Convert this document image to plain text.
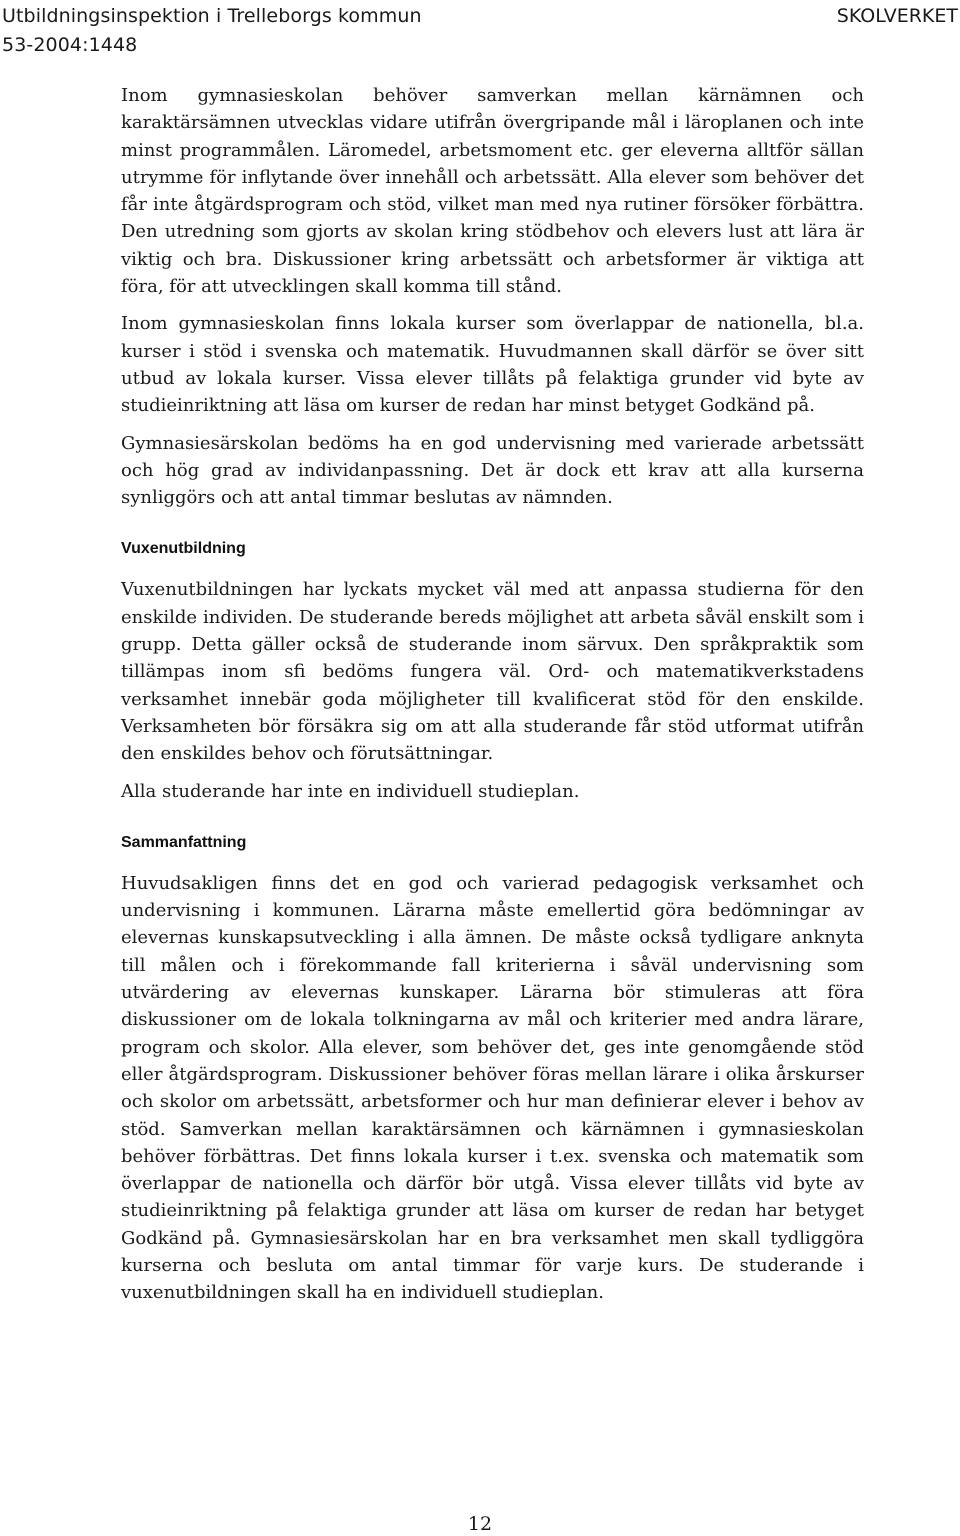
Utbildningsinspektion i Trelleborgs kommun
53-2004:1448
SKOLVERKET

Inom gymnasieskolan behöver samverkan mellan kärnämnen och karaktärsämnen utvecklas vidare utifrån övergripande mål i läroplanen och inte minst programmålen. Läromedel, arbetsmoment etc. ger eleverna alltför sällan utrymme för inflytande över innehåll och arbetssätt. Alla elever som behöver det får inte åtgärdsprogram och stöd, vilket man med nya rutiner försöker förbättra. Den utredning som gjorts av skolan kring stödbehov och elevers lust att lära är viktig och bra. Diskussioner kring arbetssätt och arbetsformer är viktiga att föra, för att utvecklingen skall komma till stånd.

Inom gymnasieskolan finns lokala kurser som överlappar de nationella, bl.a. kurser i stöd i svenska och matematik. Huvudmannen skall därför se över sitt utbud av lokala kurser. Vissa elever tillåts på felaktiga grunder vid byte av studieinriktning att läsa om kurser de redan har minst betyget Godkänd på.

Gymnasiesärskolan bedöms ha en god undervisning med varierade arbetssätt och hög grad av individanpassning. Det är dock ett krav att alla kurserna synliggörs och att antal timmar beslutas av nämnden.

Vuxenutbildning

Vuxenutbildningen har lyckats mycket väl med att anpassa studierna för den enskilde individen. De studerande bereds möjlighet att arbeta såväl enskilt som i grupp. Detta gäller också de studerande inom särvux. Den språkpraktik som tillämpas inom sfi bedöms fungera väl. Ord- och matematikverkstadens verksamhet innebär goda möjligheter till kvalificerat stöd för den enskilde. Verksamheten bör försäkra sig om att alla studerande får stöd utformat utifrån den enskildes behov och förutsättningar.

Alla studerande har inte en individuell studieplan.

Sammanfattning

Huvudsakligen finns det en god och varierad pedagogisk verksamhet och undervisning i kommunen. Lärarna måste emellertid göra bedömningar av elevernas kunskapsutveckling i alla ämnen. De måste också tydligare anknyta till målen och i förekommande fall kriterierna i såväl undervisning som utvärdering av elevernas kunskaper. Lärarna bör stimuleras att föra diskussioner om de lokala tolkningarna av mål och kriterier med andra lärare, program och skolor. Alla elever, som behöver det, ges inte genomgående stöd eller åtgärdsprogram. Diskussioner behöver föras mellan lärare i olika årskurser och skolor om arbetssätt, arbetsformer och hur man definierar elever i behov av stöd. Samverkan mellan karaktärsämnen och kärnämnen i gymnasieskolan behöver förbättras. Det finns lokala kurser i t.ex. svenska och matematik som överlappar de nationella och därför bör utgå. Vissa elever tillåts vid byte av studieinriktning på felaktiga grunder att läsa om kurser de redan har betyget Godkänd på. Gymnasiesärskolan har en bra verksamhet men skall tydliggöra kurserna och besluta om antal timmar för varje kurs. De studerande i vuxenutbildningen skall ha en individuell studieplan.

12
